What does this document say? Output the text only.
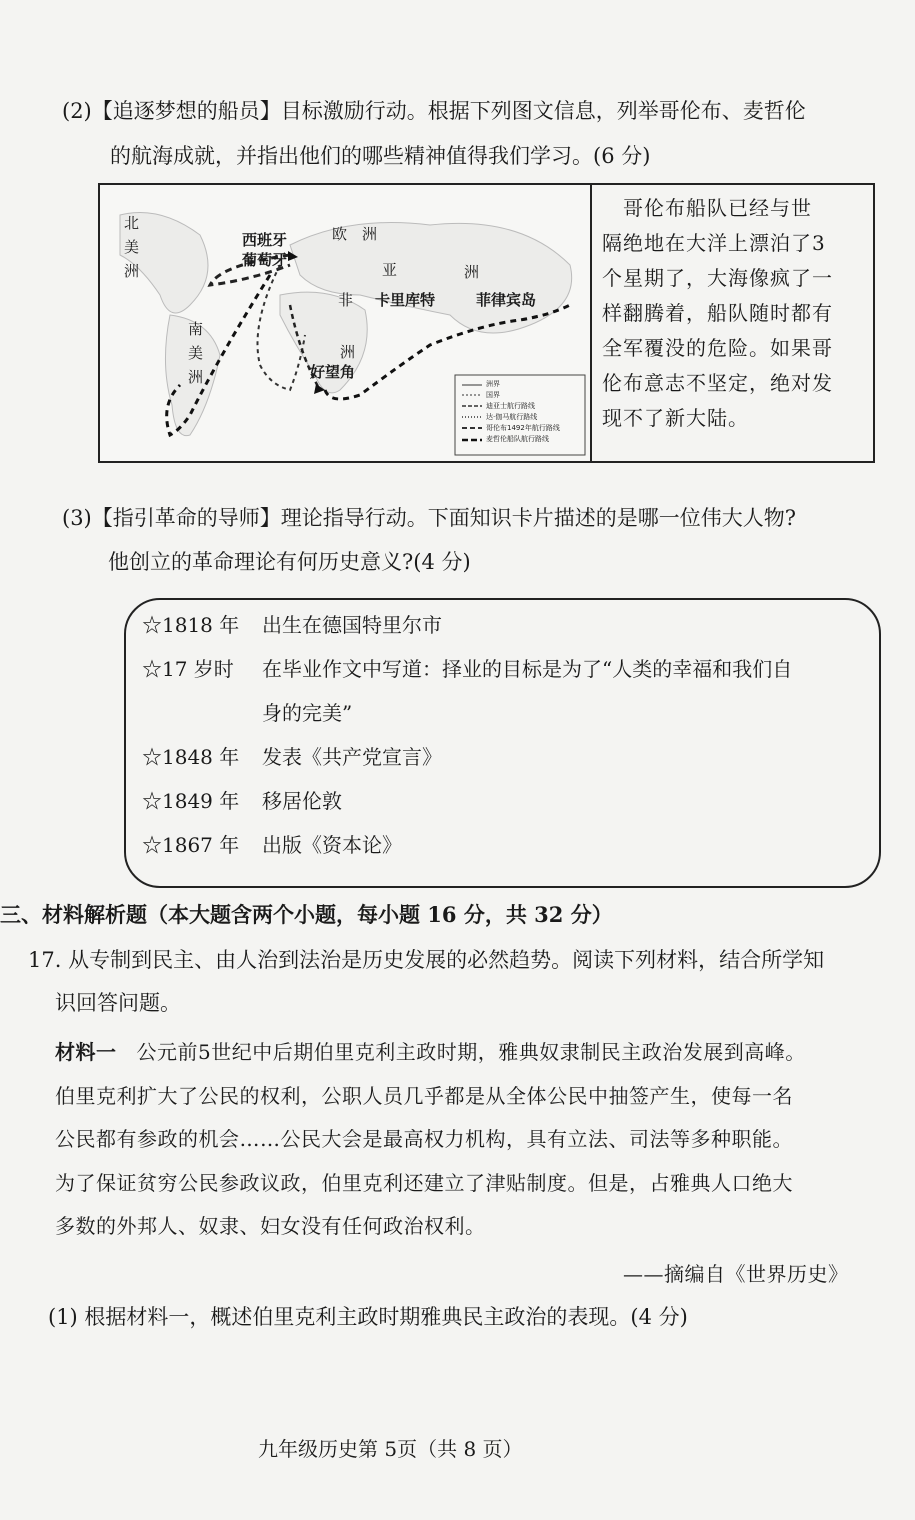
(2)【追逐梦想的船员】目标激励行动。根据下列图文信息，列举哥伦布、麦哲伦
的航海成就，并指出他们的哪些精神值得我们学习。(6 分)
北美洲
南美洲
西班牙
葡萄牙
欧　洲
亚	洲
非
洲
卡里库特	菲律宾岛
好望角
洲界
国界
迪亚士航行路线
达·伽马航行路线
哥伦布1492年航行路线
麦哲伦船队航行路线
　哥伦布船队已经与世
隔绝地在大洋上漂泊了3
个星期了，大海像疯了一
样翻腾着，船队随时都有
全军覆没的危险。如果哥
伦布意志不坚定，绝对发
现不了新大陆。
(3)【指引革命的导师】理论指导行动。下面知识卡片描述的是哪一位伟大人物?
他创立的革命理论有何历史意义?(4 分)
☆1818 年 出生在德国特里尔市
☆17 岁时 在毕业作文中写道：择业的目标是为了“人类的幸福和我们自
身的完美”
☆1848 年 发表《共产党宣言》
☆1849 年 移居伦敦
☆1867 年 出版《资本论》
三、材料解析题（本大题含两个小题，每小题 16 分，共 32 分）
17. 从专制到民主、由人治到法治是历史发展的必然趋势。阅读下列材料，结合所学知
识回答问题。
材料一 公元前5世纪中后期伯里克利主政时期，雅典奴隶制民主政治发展到高峰。
伯里克利扩大了公民的权利，公职人员几乎都是从全体公民中抽签产生，使每一名
公民都有参政的机会……公民大会是最高权力机构，具有立法、司法等多种职能。
为了保证贫穷公民参政议政，伯里克利还建立了津贴制度。但是，占雅典人口绝大
多数的外邦人、奴隶、妇女没有任何政治权利。
——摘编自《世界历史》
(1) 根据材料一，概述伯里克利主政时期雅典民主政治的表现。(4 分)
九年级历史第 5页（共 8 页）
